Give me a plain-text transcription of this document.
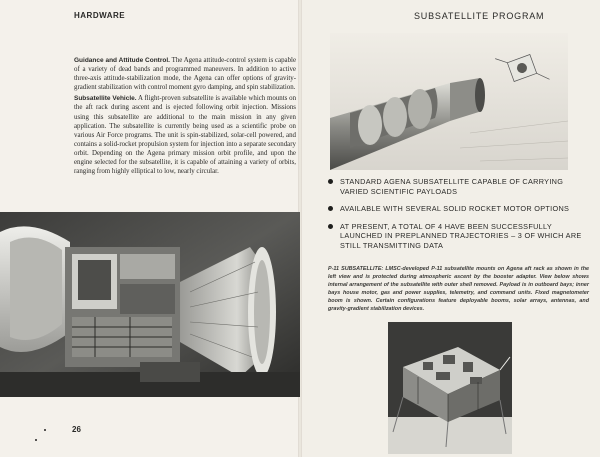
HARDWARE

Guidance and Attitude Control. The Agena attitude-control system is capable of a variety of dead bands and programmed maneuvers. In addition to active three-axis attitude-stabilization mode, the Agena can offer options of gravity-gradient stabilization with control moment gyro damping, and spin stabilization.

Subsatellite Vehicle. A flight-proven subsatellite is available which mounts on the aft rack during ascent and is ejected following orbit injection. Missions using this subsatellite are additional to the main mission in any given application. The subsatellite is currently being used as a scientific probe on various Air Force programs. The unit is spin-stabilized, solar-cell powered, and contains a solid-rocket propulsion system for injection into a separate secondary orbit. Depending on the Agena primary mission orbit profile, and upon the engine selected for the subsatellite, it is capable of attaining a variety of orbits, ranging from highly elliptical to low, nearly circular.

26
SUBSATELLITE PROGRAM
STANDARD AGENA SUBSATELLITE CAPABLE OF CARRYING VARIED SCIENTIFIC PAYLOADS
AVAILABLE WITH SEVERAL SOLID ROCKET MOTOR OPTIONS
AT PRESENT, A TOTAL OF 4 HAVE BEEN SUCCESSFULLY LAUNCHED IN PREPLANNED TRAJECTORIES – 3 OF WHICH ARE STILL TRANSMITTING DATA
P-11 SUBSATELLITE: LMSC-developed P-11 subsatellite mounts on Agena aft rack as shown in the left view and is protected during atmospheric ascent by the booster adapter. View below shows internal arrangement of the subsatellite with outer shell removed. Payload is in outboard bays; inner bays house motor, gas and power supplies, telemetry, and command units. Fixed magnetometer boom is shown. Certain configurations feature deployable booms, solar arrays, antennas, and gravity-gradient stabilization devices.
